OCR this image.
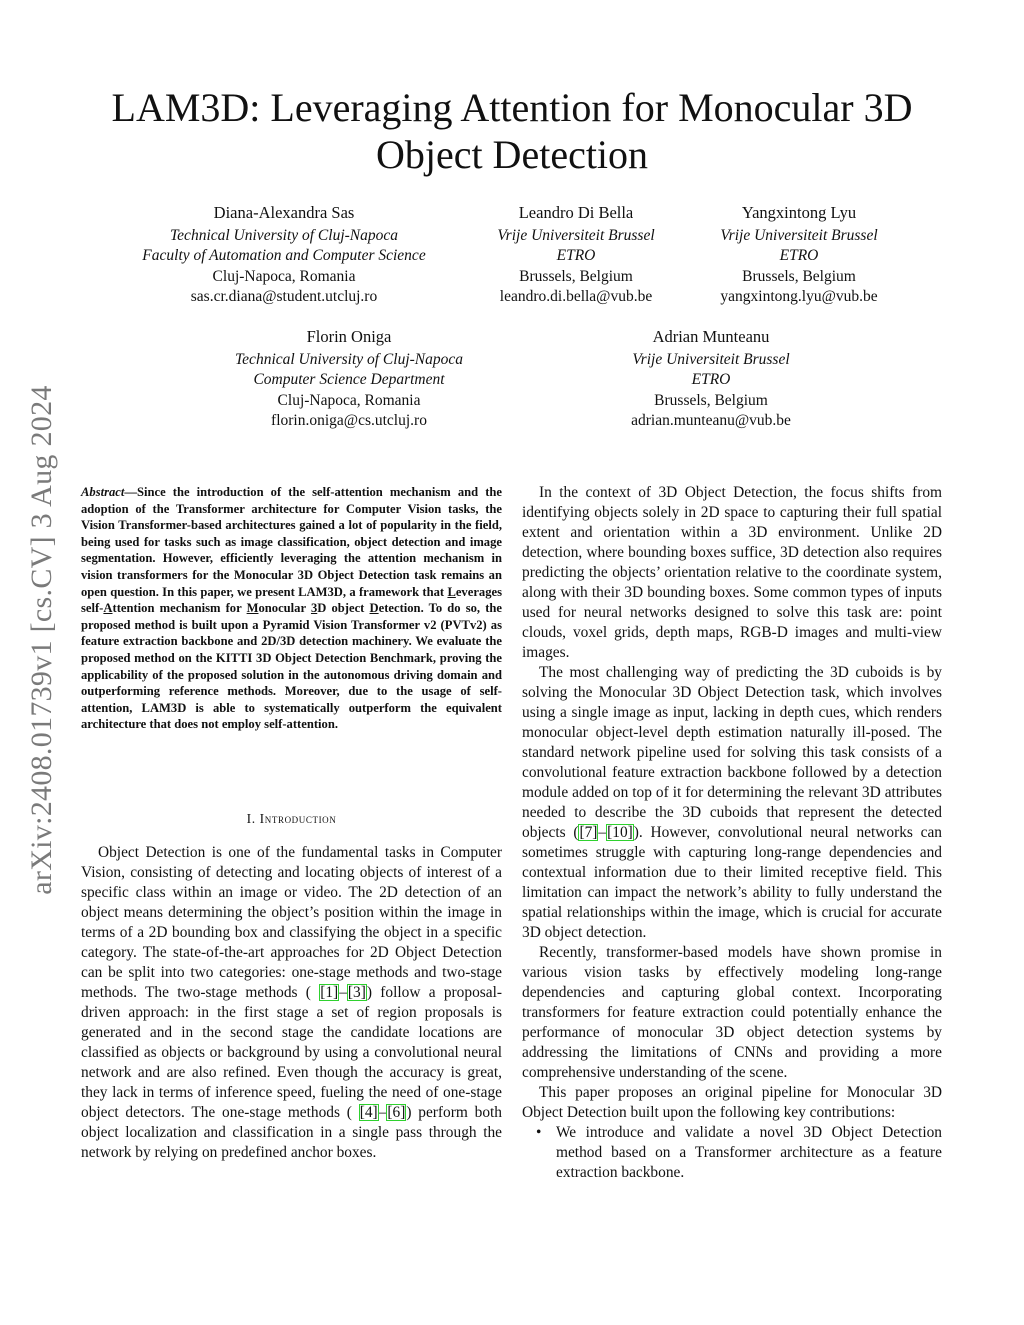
arXiv:2408.01739v1 [cs.CV] 3 Aug 2024
LAM3D: Leveraging Attention for Monocular 3D Object Detection
Diana-Alexandra Sas
Technical University of Cluj-Napoca
Faculty of Automation and Computer Science
Cluj-Napoca, Romania
sas.cr.diana@student.utcluj.ro
Leandro Di Bella
Vrije Universiteit Brussel
ETRO
Brussels, Belgium
leandro.di.bella@vub.be
Yangxintong Lyu
Vrije Universiteit Brussel
ETRO
Brussels, Belgium
yangxintong.lyu@vub.be
Florin Oniga
Technical University of Cluj-Napoca
Computer Science Department
Cluj-Napoca, Romania
florin.oniga@cs.utcluj.ro
Adrian Munteanu
Vrije Universiteit Brussel
ETRO
Brussels, Belgium
adrian.munteanu@vub.be
Abstract—Since the introduction of the self-attention mechanism and the adoption of the Transformer architecture for Computer Vision tasks, the Vision Transformer-based architectures gained a lot of popularity in the field, being used for tasks such as image classification, object detection and image segmentation. However, efficiently leveraging the attention mechanism in vision transformers for the Monocular 3D Object Detection task remains an open question. In this paper, we present LAM3D, a framework that Leverages self-Attention mechanism for Monocular 3D object Detection. To do so, the proposed method is built upon a Pyramid Vision Transformer v2 (PVTv2) as feature extraction backbone and 2D/3D detection machinery. We evaluate the proposed method on the KITTI 3D Object Detection Benchmark, proving the applicability of the proposed solution in the autonomous driving domain and outperforming reference methods. Moreover, due to the usage of self-attention, LAM3D is able to systematically outperform the equivalent architecture that does not employ self-attention.
I. Introduction

Object Detection is one of the fundamental tasks in Computer Vision, consisting of detecting and locating objects of interest of a specific class within an image or video. The 2D detection of an object means determining the object’s position within the image in terms of a 2D bounding box and classifying the object in a specific category. The state-of-the-art approaches for 2D Object Detection can be split into two categories: one-stage methods and two-stage methods. The two-stage methods ( [1]–[3]) follow a proposal-driven approach: in the first stage a set of region proposals is generated and in the second stage the candidate locations are classified as objects or background by using a convolutional neural network and are also refined. Even though the accuracy is great, they lack in terms of inference speed, fueling the need of one-stage object detectors. The one-stage methods ( [4]–[6]) perform both object localization and classification in a single pass through the network by relying on predefined anchor boxes.

In the context of 3D Object Detection, the focus shifts from identifying objects solely in 2D space to capturing their full spatial extent and orientation within a 3D environment. Unlike 2D detection, where bounding boxes suffice, 3D detection also requires predicting the objects’ orientation relative to the coordinate system, along with their 3D bounding boxes. Some common types of inputs used for neural networks designed to solve this task are: point clouds, voxel grids, depth maps, RGB-D images and multi-view images.

The most challenging way of predicting the 3D cuboids is by solving the Monocular 3D Object Detection task, which involves using a single image as input, lacking in depth cues, which renders monocular object-level depth estimation naturally ill-posed. The standard network pipeline used for solving this task consists of a convolutional feature extraction backbone followed by a detection module added on top of it for determining the relevant 3D attributes needed to describe the 3D cuboids that represent the detected objects ([7]–[10]). However, convolutional neural networks can sometimes struggle with capturing long-range dependencies and contextual information due to their limited receptive field. This limitation can impact the network’s ability to fully understand the spatial relationships within the image, which is crucial for accurate 3D object detection.

Recently, transformer-based models have shown promise in various vision tasks by effectively modeling long-range dependencies and capturing global context. Incorporating transformers for feature extraction could potentially enhance the performance of monocular 3D object detection systems by addressing the limitations of CNNs and providing a more comprehensive understanding of the scene.

This paper proposes an original pipeline for Monocular 3D Object Detection built upon the following key contributions:

• We introduce and validate a novel 3D Object Detection method based on a Transformer architecture as a feature extraction backbone.
